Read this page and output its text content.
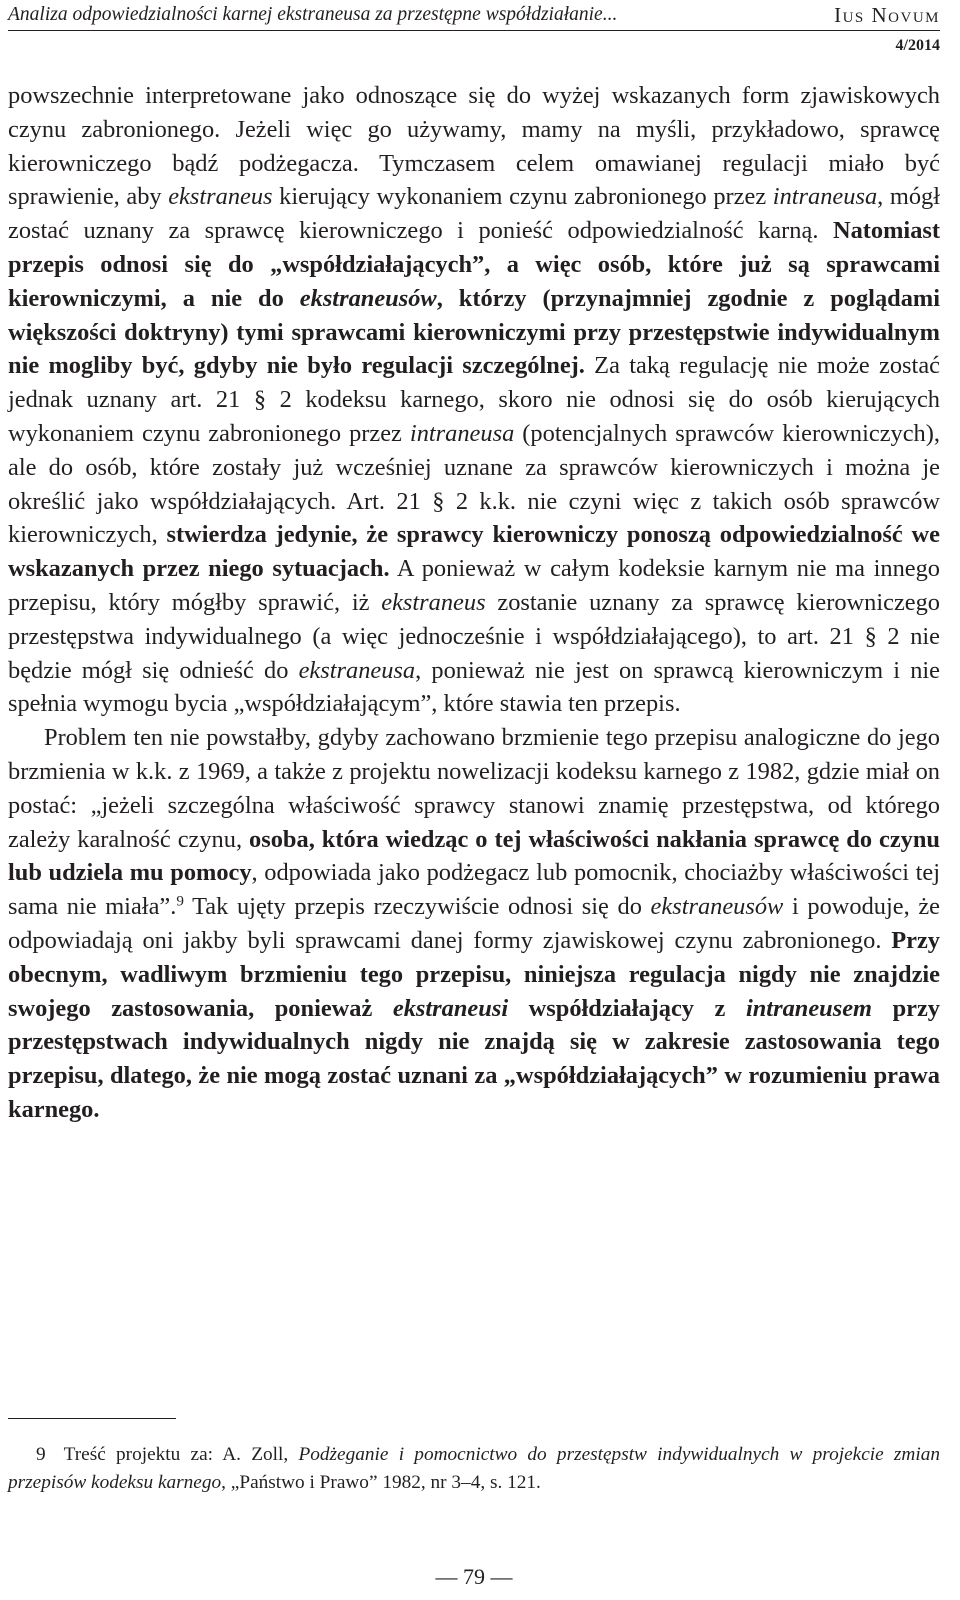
Analiza odpowiedzialności karnej ekstraneusa za przestępne współdziałanie...	Ius Novum
4/2014

powszechnie interpretowane jako odnoszące się do wyżej wskazanych form zjawiskowych czynu zabronionego. Jeżeli więc go używamy, mamy na myśli, przykładowo, sprawcę kierowniczego bądź podżegacza. Tymczasem celem omawianej regulacji miało być sprawienie, aby ekstraneus kierujący wykonaniem czynu zabronionego przez intraneusa, mógł zostać uznany za sprawcę kierowniczego i ponieść odpowiedzialność karną. Natomiast przepis odnosi się do „współdziałających”, a więc osób, które już są sprawcami kierowniczymi, a nie do ekstraneusów, którzy (przynajmniej zgodnie z poglądami większości doktryny) tymi sprawcami kierowniczymi przy przestępstwie indywidualnym nie mogliby być, gdyby nie było regulacji szczególnej. Za taką regulację nie może zostać jednak uznany art. 21 § 2 kodeksu karnego, skoro nie odnosi się do osób kierujących wykonaniem czynu zabronionego przez intraneusa (potencjalnych sprawców kierowniczych), ale do osób, które zostały już wcześniej uznane za sprawców kierowniczych i można je określić jako współdziałających. Art. 21 § 2 k.k. nie czyni więc z takich osób sprawców kierowniczych, stwierdza jedynie, że sprawcy kierowniczy ponoszą odpowiedzialność we wskazanych przez niego sytuacjach. A ponieważ w całym kodeksie karnym nie ma innego przepisu, który mógłby sprawić, iż ekstraneus zostanie uznany za sprawcę kierowniczego przestępstwa indywidualnego (a więc jednocześnie i współdziałającego), to art. 21 § 2 nie będzie mógł się odnieść do ekstraneusa, ponieważ nie jest on sprawcą kierowniczym i nie spełnia wymogu bycia „współdziałającym”, które stawia ten przepis.

Problem ten nie powstałby, gdyby zachowano brzmienie tego przepisu analogiczne do jego brzmienia w k.k. z 1969, a także z projektu nowelizacji kodeksu karnego z 1982, gdzie miał on postać: „jeżeli szczególna właściwość sprawcy stanowi znamię przestępstwa, od którego zależy karalność czynu, osoba, która wiedząc o tej właściwości nakłania sprawcę do czynu lub udziela mu pomocy, odpowiada jako podżegacz lub pomocnik, chociażby właściwości tej sama nie miała”.$^9$ Tak ujęty przepis rzeczywiście odnosi się do ekstraneusów i powoduje, że odpowiadają oni jakby byli sprawcami danej formy zjawiskowej czynu zabronionego. Przy obecnym, wadliwym brzmieniu tego przepisu, niniejsza regulacja nigdy nie znajdzie swojego zastosowania, ponieważ ekstraneusi współdziałający z intraneusem przy przestępstwach indywidualnych nigdy nie znajdą się w zakresie zastosowania tego przepisu, dlatego, że nie mogą zostać uznani za „współdziałających” w rozumieniu prawa karnego.

9 Treść projektu za: A. Zoll, Podżeganie i pomocnictwo do przestępstw indywidualnych w projekcie zmian przepisów kodeksu karnego, „Państwo i Prawo” 1982, nr 3–4, s. 121.
— 79 —
